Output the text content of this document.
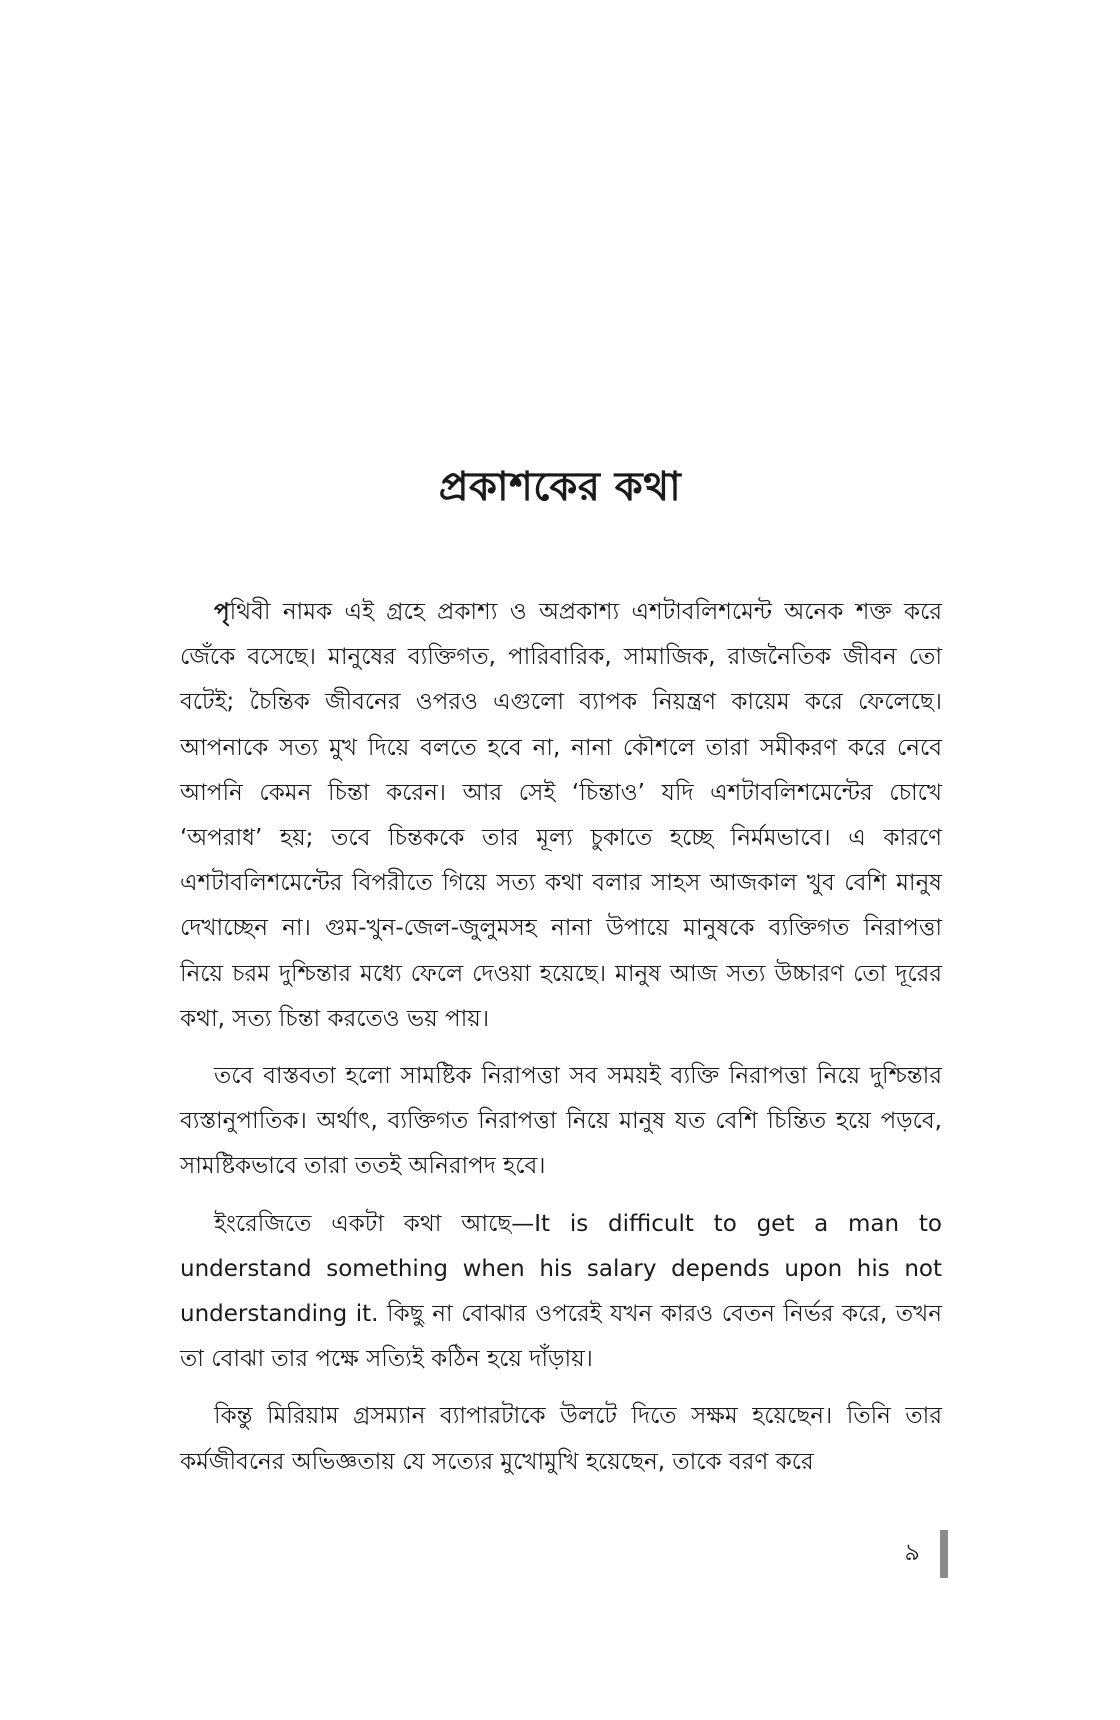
প্রকাশকের কথা

পৃথিবী নামক এই গ্রহে প্রকাশ্য ও অপ্রকাশ্য এশটাবলিশমেন্ট অনেক শক্ত করে জেঁকে বসেছে। মানুষের ব্যক্তিগত, পারিবারিক, সামাজিক, রাজনৈতিক জীবন তো বটেই; চৈন্তিক জীবনের ওপরও এগুলো ব্যাপক নিয়ন্ত্রণ কায়েম করে ফেলেছে। আপনাকে সত্য মুখ দিয়ে বলতে হবে না, নানা কৌশলে তারা সমীকরণ করে নেবে আপনি কেমন চিন্তা করেন। আর সেই ‘চিন্তাও’ যদি এশটাবলিশমেন্টের চোখে ‘অপরাধ’ হয়; তবে চিন্তককে তার মূল্য চুকাতে হচ্ছে নির্মমভাবে। এ কারণে এশটাবলিশমেন্টের বিপরীতে গিয়ে সত্য কথা বলার সাহস আজকাল খুব বেশি মানুষ দেখাচ্ছেন না। গুম-খুন-জেল-জুলুমসহ নানা উপায়ে মানুষকে ব্যক্তিগত নিরাপত্তা নিয়ে চরম দুশ্চিন্তার মধ্যে ফেলে দেওয়া হয়েছে। মানুষ আজ সত্য উচ্চারণ তো দূরের কথা, সত্য চিন্তা করতেও ভয় পায়।

তবে বাস্তবতা হলো সামষ্টিক নিরাপত্তা সব সময়ই ব্যক্তি নিরাপত্তা নিয়ে দুশ্চিন্তার ব্যস্তানুপাতিক। অর্থাৎ, ব্যক্তিগত নিরাপত্তা নিয়ে মানুষ যত বেশি চিন্তিত হয়ে পড়বে, সামষ্টিকভাবে তারা ততই অনিরাপদ হবে।

ইংরেজিতে একটা কথা আছে—It is difficult to get a man to understand something when his salary depends upon his not understanding it. কিছু না বোঝার ওপরেই যখন কারও বেতন নির্ভর করে, তখন তা বোঝা তার পক্ষে সত্যিই কঠিন হয়ে দাঁড়ায়।

কিন্তু মিরিয়াম গ্রসম্যান ব্যাপারটাকে উলটে দিতে সক্ষম হয়েছেন। তিনি তার কর্মজীবনের অভিজ্ঞতায় যে সত্যের মুখোমুখি হয়েছেন, তাকে বরণ করে

৯
